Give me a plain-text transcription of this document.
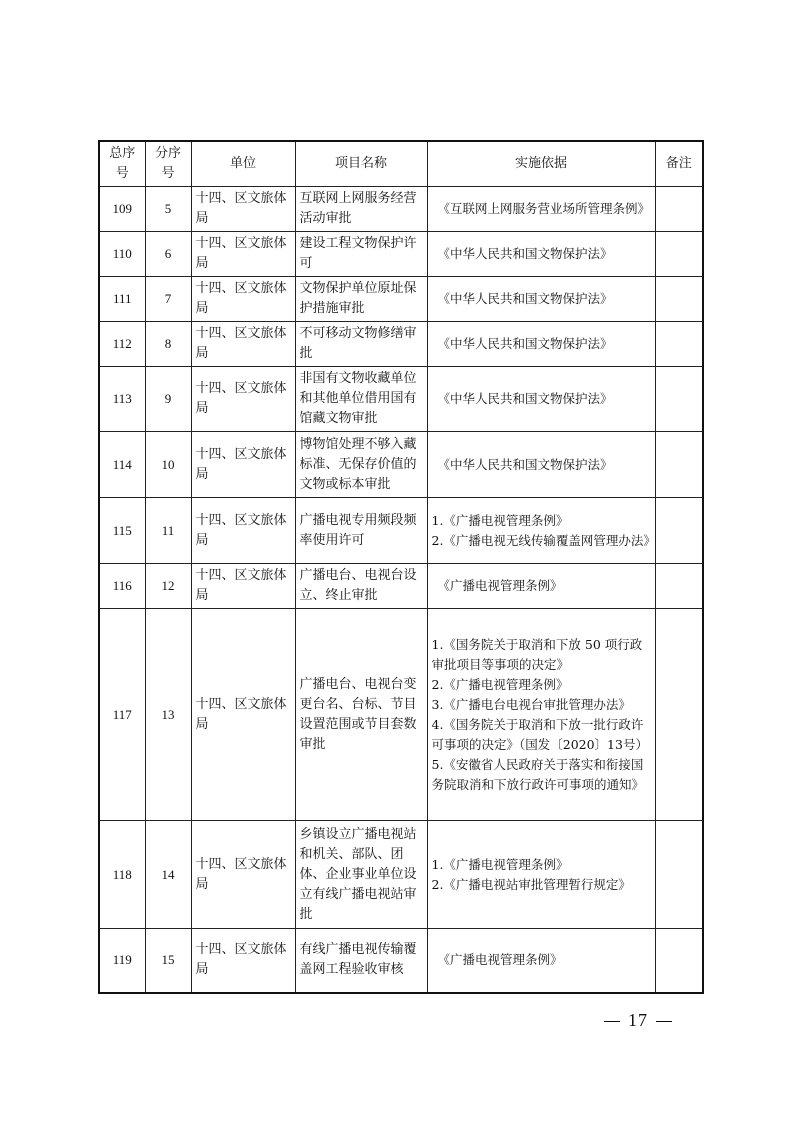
总序号	分序号	单位	项目名称	实施依据	备注
109	5	十四、区文旅体局	互联网上网服务经营活动审批	《互联网上网服务营业场所管理条例》	

110	6	十四、区文旅体局	建设工程文物保护许可	《中华人民共和国文物保护法》	

111	7	十四、区文旅体局	文物保护单位原址保护措施审批	《中华人民共和国文物保护法》	

112	8	十四、区文旅体局	不可移动文物修缮审批	《中华人民共和国文物保护法》	

113	9	十四、区文旅体局	非国有文物收藏单位和其他单位借用国有馆藏文物审批	《中华人民共和国文物保护法》	

114	10	十四、区文旅体局	博物馆处理不够入藏标准、无保存价值的文物或标本审批	《中华人民共和国文物保护法》	

115	11	十四、区文旅体局	广播电视专用频段频率使用许可	1.《广播电视管理条例》
2.《广播电视无线传输覆盖网管理办法》	

116	12	十四、区文旅体局	广播电台、电视台设立、终止审批	《广播电视管理条例》	

117	13	十四、区文旅体局	广播电台、电视台变更台名、台标、节目设置范围或节目套数审批	1.《国务院关于取消和下放 50 项行政审批项目等事项的决定》
2.《广播电视管理条例》
3.《广播电台电视台审批管理办法》
4.《国务院关于取消和下放一批行政许可事项的决定》（国发〔2020〕13号）
5.《安徽省人民政府关于落实和衔接国务院取消和下放行政许可事项的通知》	

118	14	十四、区文旅体局	乡镇设立广播电视站和机关、部队、团体、企业事业单位设立有线广播电视站审批	1.《广播电视管理条例》
2.《广播电视站审批管理暂行规定》	

119	15	十四、区文旅体局	有线广播电视传输覆盖网工程验收审核	《广播电视管理条例》	

17
